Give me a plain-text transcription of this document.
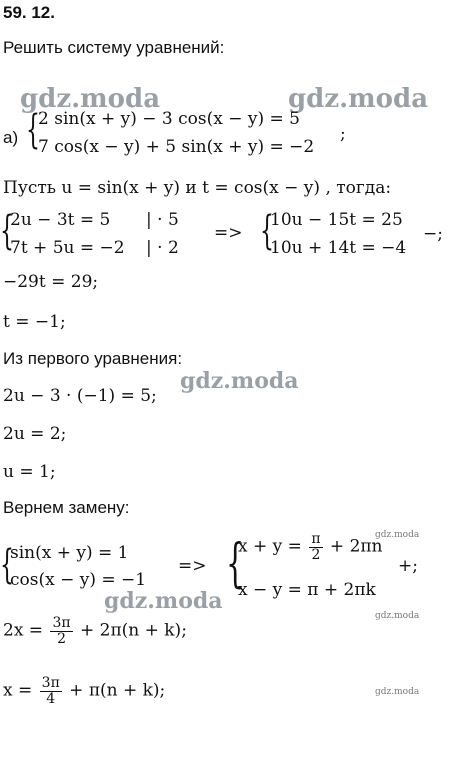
gdz.moda	gdz.moda
gdz.moda
gdz.moda
gdz.moda
gdz.moda
gdz.moda
59. 12.
Решить систему уравнений:
а) {
2 sin(x + y) − 3 cos(x − y) = 5
7 cos(x − y) + 5 sin(x + y) = −2
;
Пусть u = sin(x + y) и t = cos(x − y) , тогда:
{
2u − 3t = 5 | · 5
7t + 5u = −2 | · 2
=> {
10u − 15t = 25
10u + 14t = −4
−;
−29t = 29;
t = −1;
Из первого уравнения:
2u − 3 · (−1) = 5;
2u = 2;
u = 1;
Вернем замену:
{
sin(x + y) = 1
cos(x − y) = −1
=> {
$x + y = \frac{\pi}{2} + 2\pi n$
x − y = π + 2πk
+;
$2x = \frac{3\pi}{2} + 2\pi(n + k)$;
$x = \frac{3\pi}{4} + \pi(n + k)$;
